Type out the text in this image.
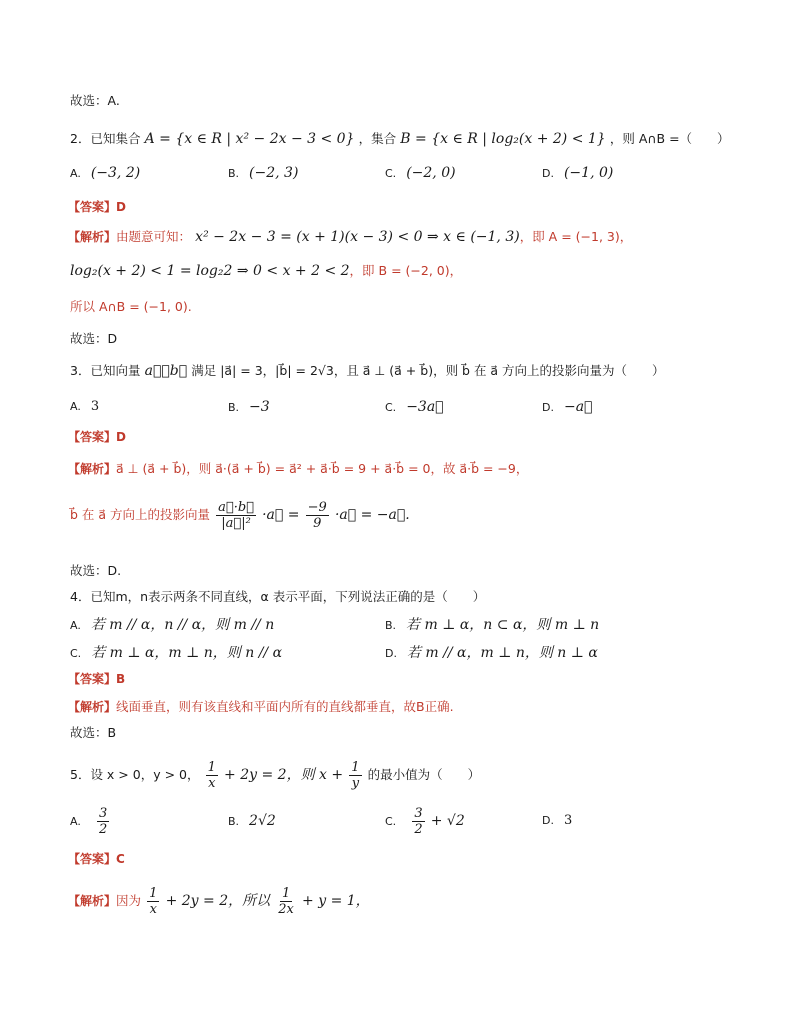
故选：A.
2．已知集合 A = {x ∈ R | x² − 2x − 3 < 0} ，集合 B = {x ∈ R | log₂(x + 2) < 1} ，则 A∩B =（　　）
A. (−3, 2)	B. (−2, 3)	C. (−2, 0)	D. (−1, 0)
【答案】D
【解析】由题意可知： x² − 2x − 3 = (x + 1)(x − 3) < 0 ⇒ x ∈ (−1, 3)，即 A = (−1, 3)，
log₂(x + 2) < 1 = log₂2 ⇒ 0 < x + 2 < 2，即 B = (−2, 0)，
所以 A∩B = (−1, 0).
故选：D
3．已知向量 a⃗，b⃗ 满足 |a⃗| = 3，|b⃗| = 2√3，且 a⃗ ⊥ (a⃗ + b⃗)，则 b⃗ 在 a⃗ 方向上的投影向量为（　　）
A. 3	B. −3	C. −3a⃗	D. −a⃗
【答案】D
【解析】a⃗ ⊥ (a⃗ + b⃗)，则 a⃗·(a⃗ + b⃗) = a⃗² + a⃗·b⃗ = 9 + a⃗·b⃗ = 0，故 a⃗·b⃗ = −9，
b⃗ 在 a⃗ 方向上的投影向量 $\frac{a⃗\cdot b⃗}{\text{|a⃗|²}}$ ·a⃗ = $\frac{-9}{9}$ ·a⃗ = −a⃗.
故选：D.
4．已知m，n表示两条不同直线，α 表示平面，下列说法正确的是（　　）
A. 若 m // α，n // α，则 m // n	B. 若 m ⊥ α，n ⊂ α，则 m ⊥ n
C. 若 m ⊥ α，m ⊥ n，则 n // α	D. 若 m // α，m ⊥ n，则 n ⊥ α
【答案】B
【解析】线面垂直，则有该直线和平面内所有的直线都垂直，故B正确.
故选：B
5．设 x > 0，y > 0， $\frac{1}{x} + 2y = 2$，则 $x + \frac{1}{y}$ 的最小值为（　　）
A. $\frac{3}{2}$	B. 2√2	C. $\frac{3}{2} + √2$	D. 3
【答案】C
【解析】因为 $\frac{1}{x} + 2y = 2$，所以 $\frac{1}{2x} + y = 1$，
